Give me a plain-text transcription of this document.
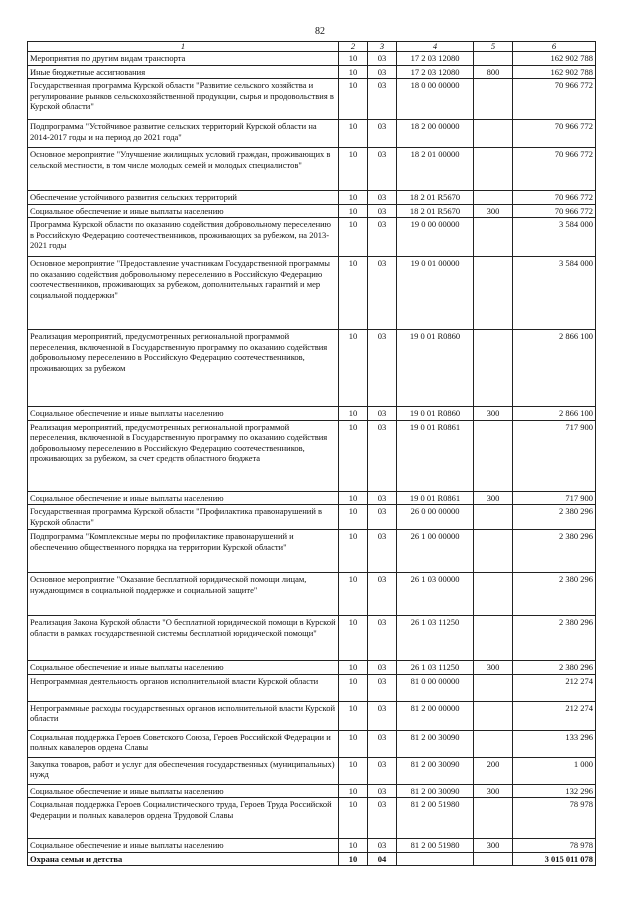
82
1	2	3	4	5	6
Мероприятия по другим видам транспорта	10	03	17 2 03 12080		162 902 788
Иные бюджетные ассигнования	10	03	17 2 03 12080	800	162 902 788
Государственная программа Курской области "Развитие сельского хозяйства и регулирование рынков сельскохозяйственной продукции, сырья и продовольствия в Курской области"	10	03	18 0 00 00000		70 966 772
Подпрограмма "Устойчивое развитие сельских территорий Курской области на 2014-2017 годы и на период до 2021 года"	10	03	18 2 00 00000		70 966 772
Основное мероприятие "Улучшение жилищных условий граждан, проживающих в сельской местности, в том числе молодых семей и молодых специалистов"	10	03	18 2 01 00000		70 966 772
Обеспечение устойчивого развития сельских территорий	10	03	18 2 01 R5670		70 966 772
Социальное обеспечение и иные выплаты населению	10	03	18 2 01 R5670	300	70 966 772
Программа Курской области по оказанию содействия добровольному переселению в Российскую Федерацию соотечественников, проживающих за рубежом, на 2013-2021 годы	10	03	19 0 00 00000		3 584 000
Основное мероприятие "Предоставление участникам Государственной программы по оказанию содействия добровольному переселению в Российскую Федерацию соотечественников, проживающих за рубежом, дополнительных гарантий и мер социальной поддержки"	10	03	19 0 01 00000		3 584 000
Реализация мероприятий, предусмотренных региональной программой переселения, включенной в Государственную программу по оказанию содействия добровольному переселению в Российскую Федерацию соотечественников, проживающих за рубежом	10	03	19 0 01 R0860		2 866 100
Социальное обеспечение и иные выплаты населению	10	03	19 0 01 R0860	300	2 866 100
Реализация мероприятий, предусмотренных региональной программой переселения, включенной в Государственную программу по оказанию содействия добровольному переселению в Российскую Федерацию соотечественников, проживающих за рубежом, за счет средств областного бюджета	10	03	19 0 01 R0861		717 900
Социальное обеспечение и иные выплаты населению	10	03	19 0 01 R0861	300	717 900
Государственная программа Курской области "Профилактика правонарушений в Курской области"	10	03	26 0 00 00000		2 380 296
Подпрограмма "Комплексные меры по профилактике правонарушений и обеспечению общественного порядка на территории Курской области"	10	03	26 1 00 00000		2 380 296
Основное мероприятие "Оказание бесплатной юридической помощи лицам, нуждающимся в социальной поддержке и социальной защите"	10	03	26 1 03 00000		2 380 296
Реализация Закона Курской области "О бесплатной юридической помощи в Курской области в рамках государственной системы бесплатной юридической помощи"	10	03	26 1 03 11250		2 380 296
Социальное обеспечение и иные выплаты населению	10	03	26 1 03 11250	300	2 380 296
Непрограммная деятельность органов исполнительной власти Курской области	10	03	81 0 00 00000		212 274
Непрограммные расходы государственных органов исполнительной власти Курской области	10	03	81 2 00 00000		212 274
Социальная поддержка Героев Советского Союза, Героев Российской Федерации и полных кавалеров ордена Славы	10	03	81 2 00 30090		133 296
Закупка товаров, работ и услуг для обеспечения государственных (муниципальных) нужд	10	03	81 2 00 30090	200	1 000
Социальное обеспечение и иные выплаты населению	10	03	81 2 00 30090	300	132 296
Социальная поддержка Героев Социалистического труда, Героев Труда Российской Федерации и полных кавалеров ордена Трудовой Славы	10	03	81 2 00 51980		78 978
Социальное обеспечение и иные выплаты населению	10	03	81 2 00 51980	300	78 978
Охрана семьи и детства	10	04			3 015 011 078
